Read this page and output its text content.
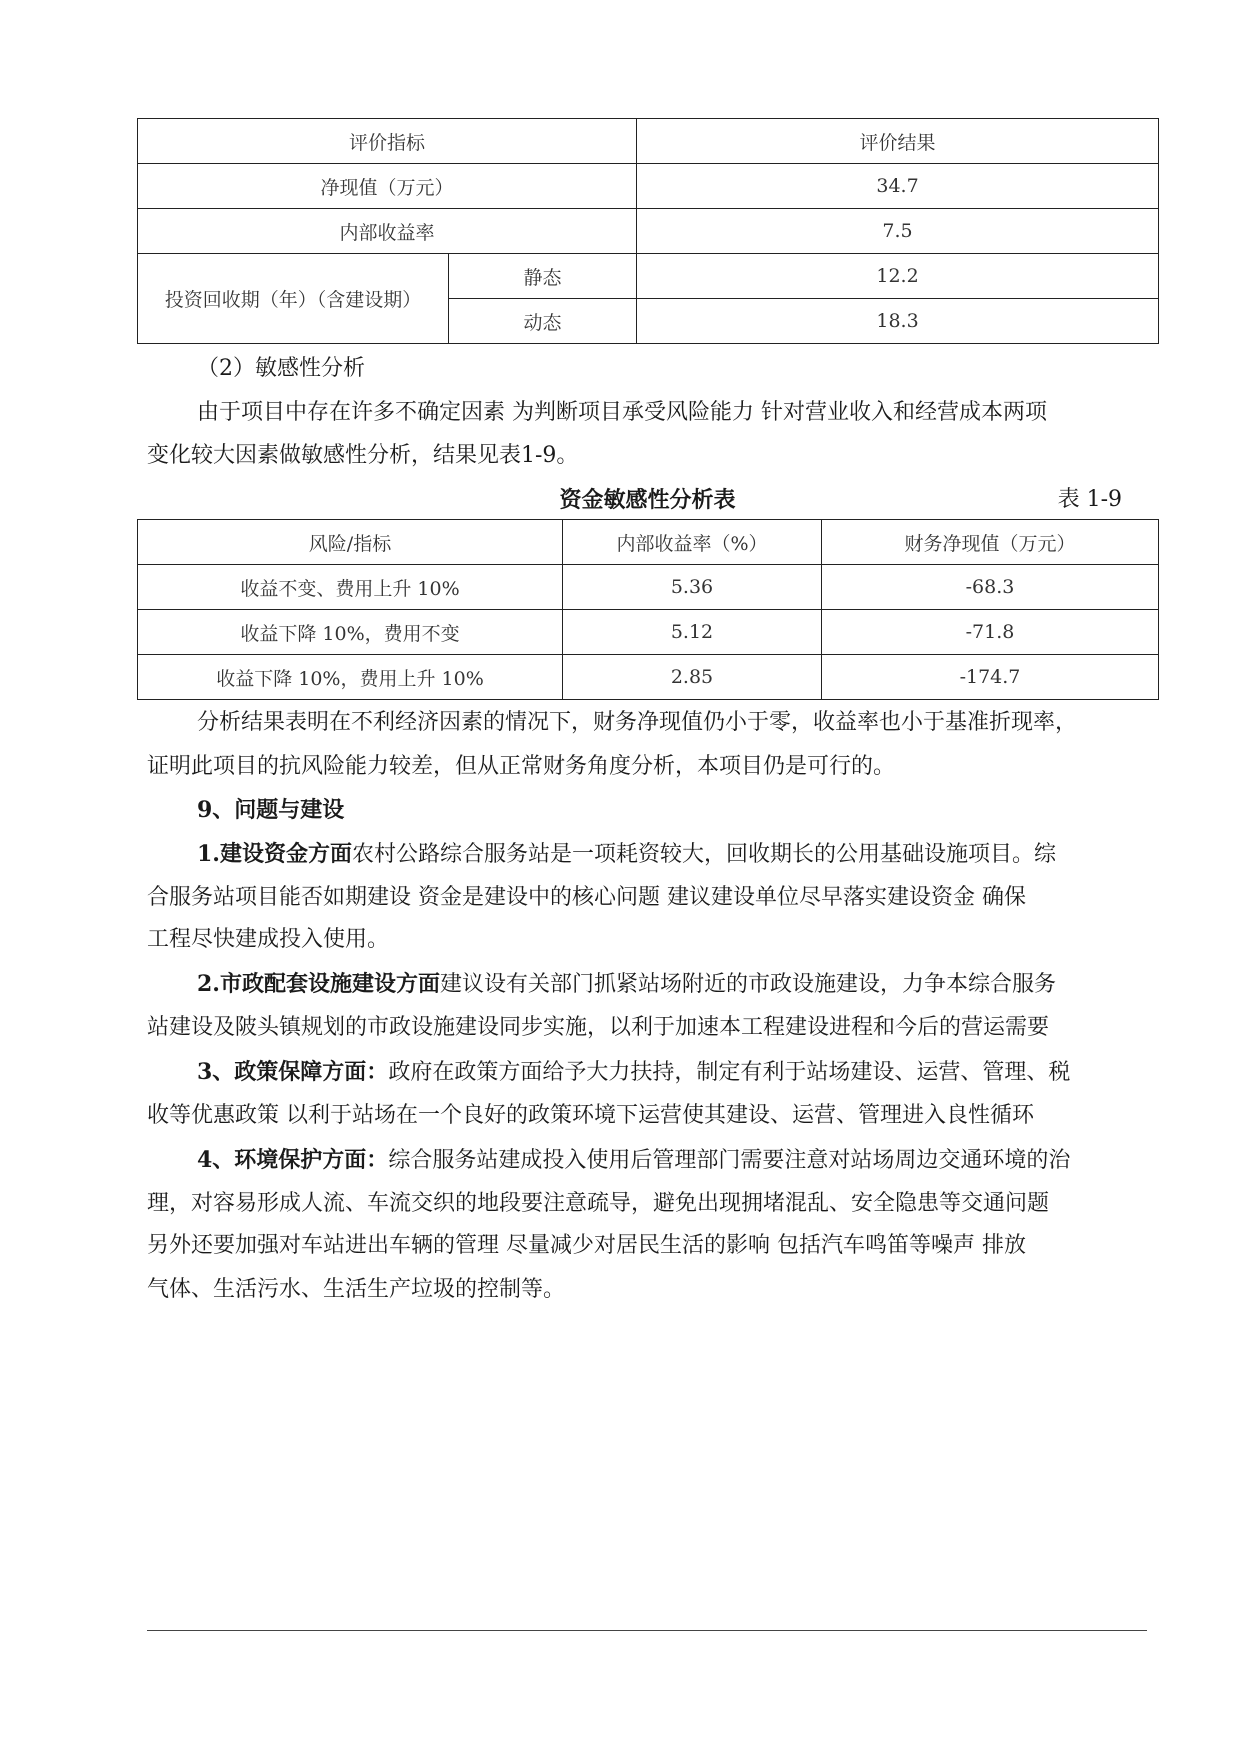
评价指标		评价结果
净现值（万元）		34.7
内部收益率		7.5
投资回收期（年）（含建设期）	静态	12.2
	动态	18.3
（2）敏感性分析
由于项目中存在许多不确定因素 为判断项目承受风险能力 针对营业收入和经营成本两项
变化较大因素做敏感性分析，结果见表1-9。
资金敏感性分析表	表 1-9
风险/指标	内部收益率（%）	财务净现值（万元）
收益不变、费用上升 10%	5.36	-68.3
收益下降 10%，费用不变	5.12	-71.8
收益下降 10%，费用上升 10%	2.85	-174.7
分析结果表明在不利经济因素的情况下，财务净现值仍小于零，收益率也小于基准折现率，
证明此项目的抗风险能力较差，但从正常财务角度分析，本项目仍是可行的。
9、问题与建设
1.建设资金方面农村公路综合服务站是一项耗资较大，回收期长的公用基础设施项目。综
合服务站项目能否如期建设 资金是建设中的核心问题 建议建设单位尽早落实建设资金 确保
工程尽快建成投入使用。
2.市政配套设施建设方面建议设有关部门抓紧站场附近的市政设施建设，力争本综合服务
站建设及陂头镇规划的市政设施建设同步实施，以利于加速本工程建设进程和今后的营运需要
3、政策保障方面：政府在政策方面给予大力扶持，制定有利于站场建设、运营、管理、税
收等优惠政策 以利于站场在一个良好的政策环境下运营使其建设、运营、管理进入良性循环
4、环境保护方面：综合服务站建成投入使用后管理部门需要注意对站场周边交通环境的治
理，对容易形成人流、车流交织的地段要注意疏导，避免出现拥堵混乱、安全隐患等交通问题
另外还要加强对车站进出车辆的管理 尽量减少对居民生活的影响 包括汽车鸣笛等噪声 排放
气体、生活污水、生活生产垃圾的控制等。
